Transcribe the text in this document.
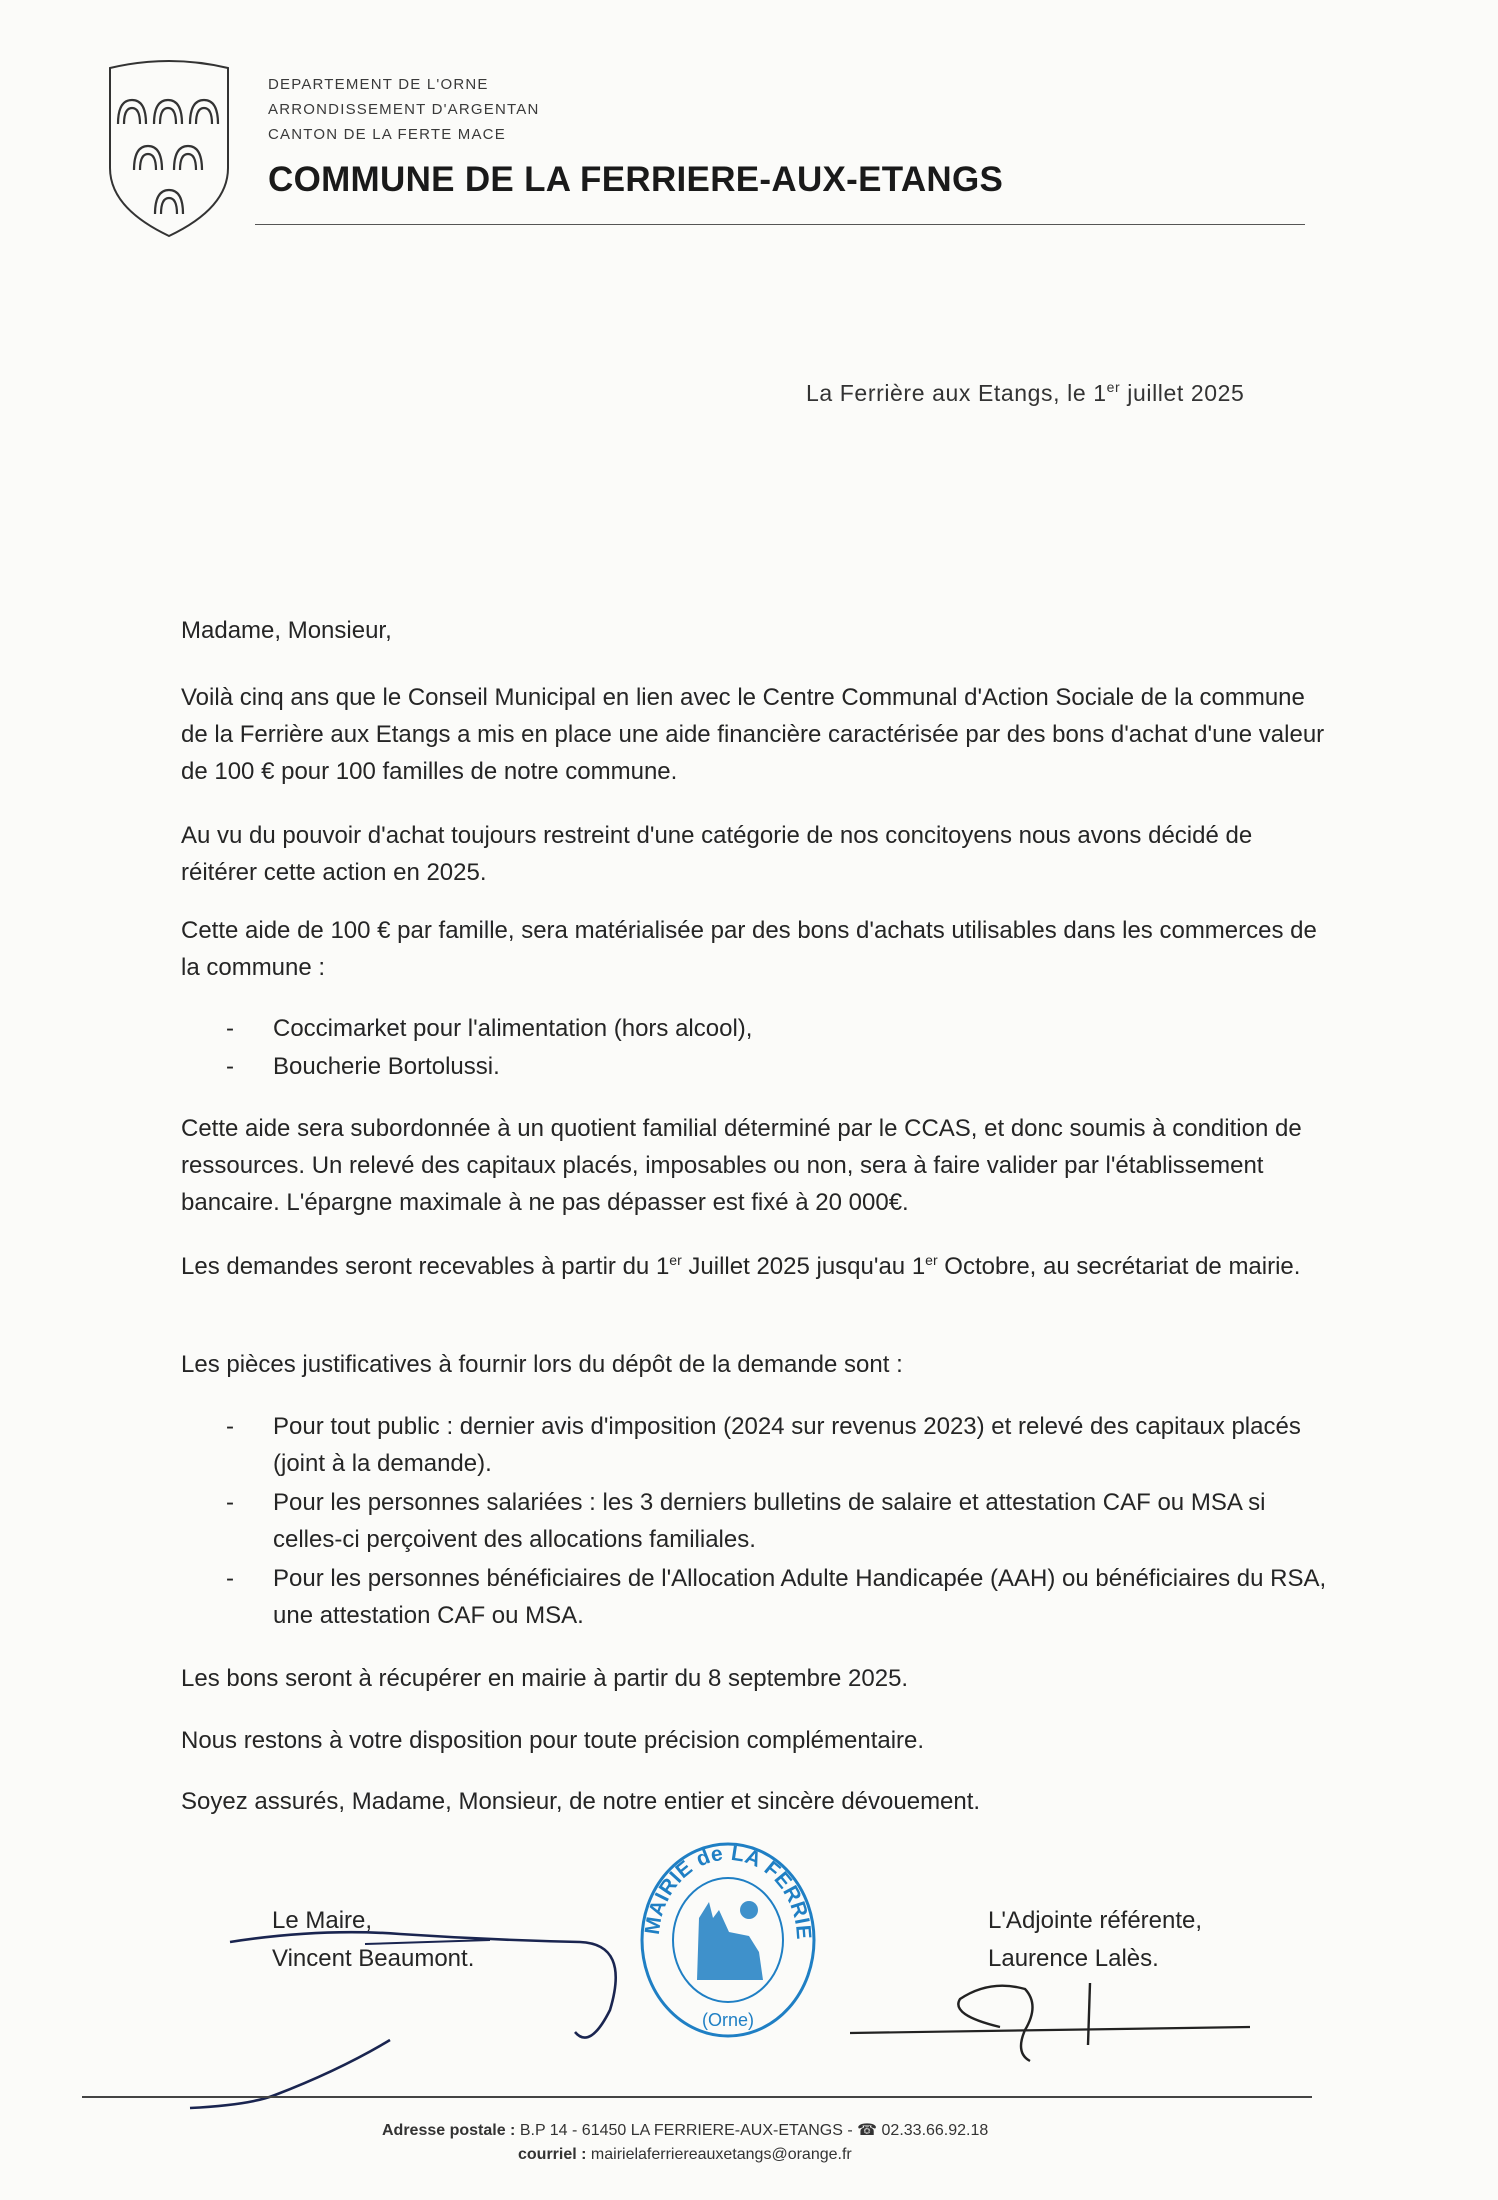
DEPARTEMENT DE L'ORNE
ARRONDISSEMENT D'ARGENTAN
CANTON DE LA FERTE MACE
COMMUNE DE LA FERRIERE-AUX-ETANGS
La Ferrière aux Etangs, le 1er juillet 2025
Madame, Monsieur,
Voilà cinq ans que le Conseil Municipal en lien avec le Centre Communal d'Action Sociale de la commune de la Ferrière aux Etangs a mis en place une aide financière caractérisée par des bons d'achat d'une valeur de 100 € pour 100 familles de notre commune.
Au vu du pouvoir d'achat toujours restreint d'une catégorie de nos concitoyens nous avons décidé de réitérer cette action en 2025.
Cette aide de 100 € par famille, sera matérialisée par des bons d'achats utilisables dans les commerces de la commune :
- Coccimarket pour l'alimentation (hors alcool),
- Boucherie Bortolussi.
Cette aide sera subordonnée à un quotient familial déterminé par le CCAS, et donc soumis à condition de ressources. Un relevé des capitaux placés, imposables ou non, sera à faire valider par l'établissement bancaire. L'épargne maximale à ne pas dépasser est fixé à 20 000€.
Les demandes seront recevables à partir du 1er Juillet 2025 jusqu'au 1er Octobre, au secrétariat de mairie.
Les pièces justificatives à fournir lors du dépôt de la demande sont :
- Pour tout public : dernier avis d'imposition (2024 sur revenus 2023) et relevé des capitaux placés (joint à la demande).
- Pour les personnes salariées : les 3 derniers bulletins de salaire et attestation CAF ou MSA si celles-ci perçoivent des allocations familiales.
- Pour les personnes bénéficiaires de l'Allocation Adulte Handicapée (AAH) ou bénéficiaires du RSA, une attestation CAF ou MSA.
Les bons seront à récupérer en mairie à partir du 8 septembre 2025.
Nous restons à votre disposition pour toute précision complémentaire.
Soyez assurés, Madame, Monsieur, de notre entier et sincère dévouement.
Le Maire,
Vincent Beaumont.
L'Adjointe référente,
Laurence Lalès.
MAIRIE de LA FERRIE
(Orne)
Adresse postale : B.P 14 - 61450 LA FERRIERE-AUX-ETANGS - ☎ 02.33.66.92.18
courriel : mairielaferriereauxetangs@orange.fr
